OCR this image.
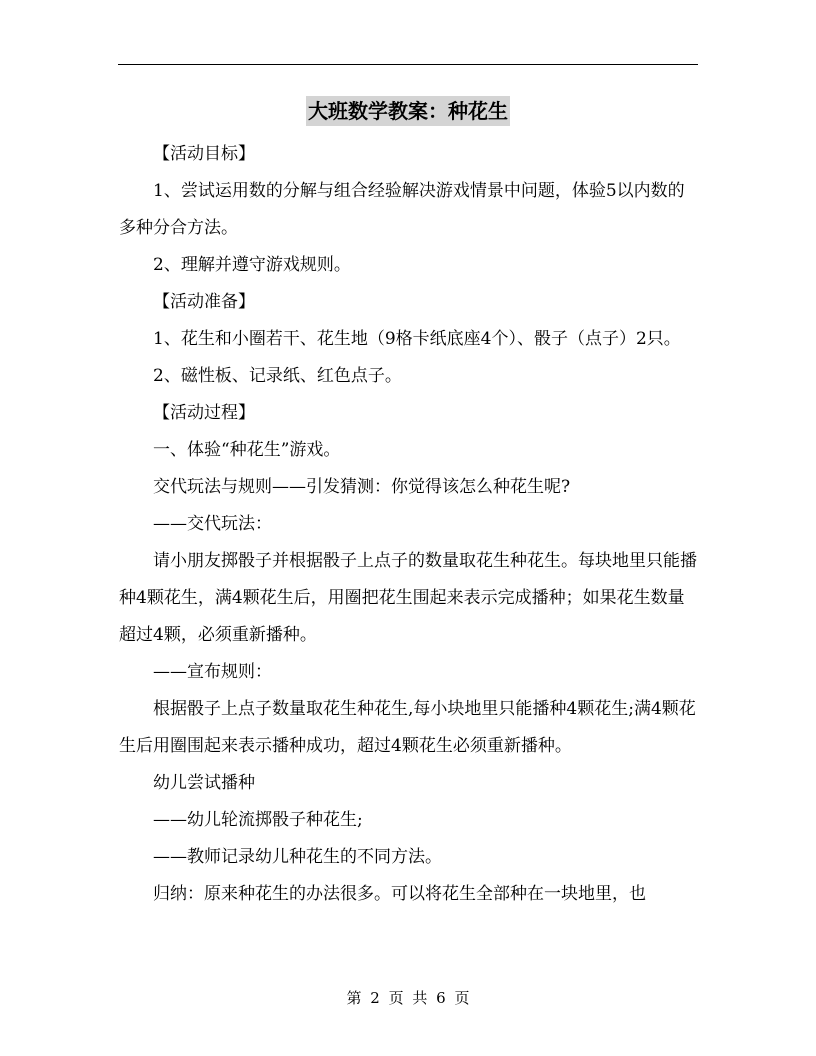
大班数学教案：种花生

【活动目标】

1、尝试运用数的分解与组合经验解决游戏情景中问题，体验5以内数的多种分合方法。

2、理解并遵守游戏规则。

【活动准备】

1、花生和小圈若干、花生地（9格卡纸底座4个）、骰子（点子）2只。

2、磁性板、记录纸、红色点子。

【活动过程】

一、体验“种花生”游戏。

交代玩法与规则——引发猜测：你觉得该怎么种花生呢?

——交代玩法：

请小朋友掷骰子并根据骰子上点子的数量取花生种花生。每块地里只能播种4颗花生，满4颗花生后，用圈把花生围起来表示完成播种；如果花生数量超过4颗，必须重新播种。

——宣布规则：

根据骰子上点子数量取花生种花生,每小块地里只能播种4颗花生;满4颗花生后用圈围起来表示播种成功，超过4颗花生必须重新播种。

幼儿尝试播种

——幼儿轮流掷骰子种花生;

——教师记录幼儿种花生的不同方法。

归纳：原来种花生的办法很多。可以将花生全部种在一块地里，也

第 2 页 共 6 页
